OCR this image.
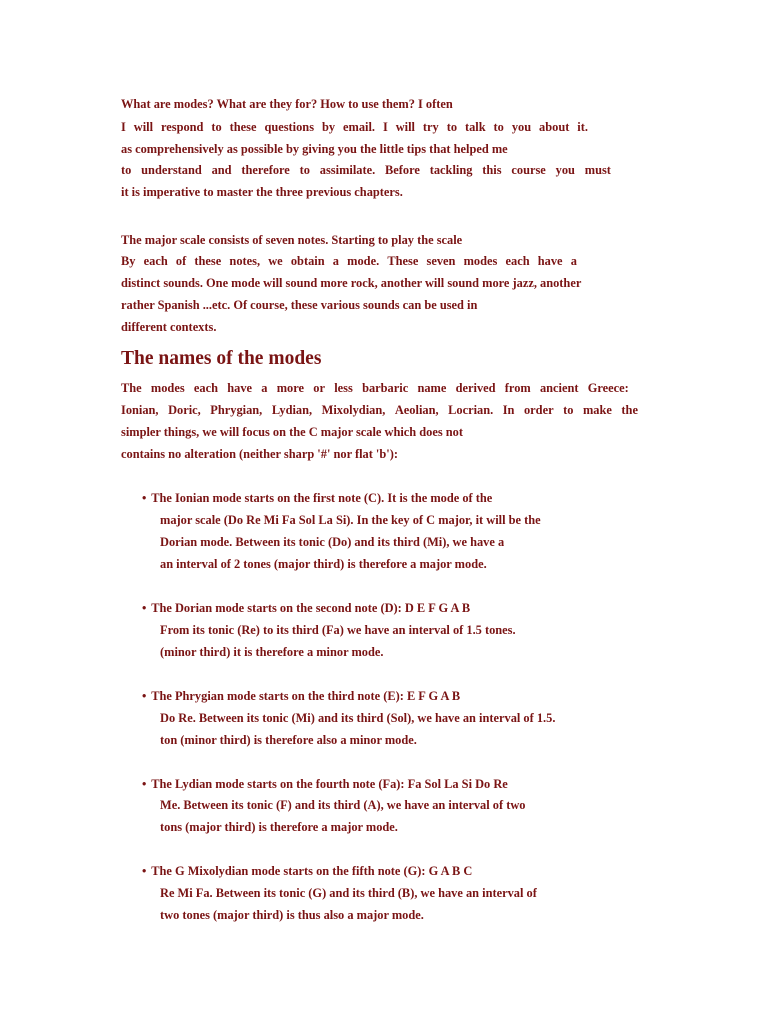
What are modes? What are they for? How to use them? I often

I will respond to these questions by email. I will try to talk to you about it.

as comprehensively as possible by giving you the little tips that helped me

to understand and therefore to assimilate. Before tackling this course you must

it is imperative to master the three previous chapters.

The major scale consists of seven notes. Starting to play the scale

By each of these notes, we obtain a mode. These seven modes each have a

distinct sounds. One mode will sound more rock, another will sound more jazz, another

rather Spanish ...etc. Of course, these various sounds can be used in

different contexts.

The names of the modes

The modes each have a more or less barbaric name derived from ancient Greece:

Ionian, Doric, Phrygian, Lydian, Mixolydian, Aeolian, Locrian. In order to make the

simpler things, we will focus on the C major scale which does not

contains no alteration (neither sharp '#' nor flat 'b'):

• The Ionian mode starts on the first note (C). It is the mode of the

major scale (Do Re Mi Fa Sol La Si). In the key of C major, it will be the

Dorian mode. Between its tonic (Do) and its third (Mi), we have a

an interval of 2 tones (major third) is therefore a major mode.

• The Dorian mode starts on the second note (D): D E F G A B

From its tonic (Re) to its third (Fa) we have an interval of 1.5 tones.

(minor third) it is therefore a minor mode.

• The Phrygian mode starts on the third note (E): E F G A B

Do Re. Between its tonic (Mi) and its third (Sol), we have an interval of 1.5.

ton (minor third) is therefore also a minor mode.

• The Lydian mode starts on the fourth note (Fa): Fa Sol La Si Do Re

Me. Between its tonic (F) and its third (A), we have an interval of two

tons (major third) is therefore a major mode.

• The G Mixolydian mode starts on the fifth note (G): G A B C

Re Mi Fa. Between its tonic (G) and its third (B), we have an interval of

two tones (major third) is thus also a major mode.
